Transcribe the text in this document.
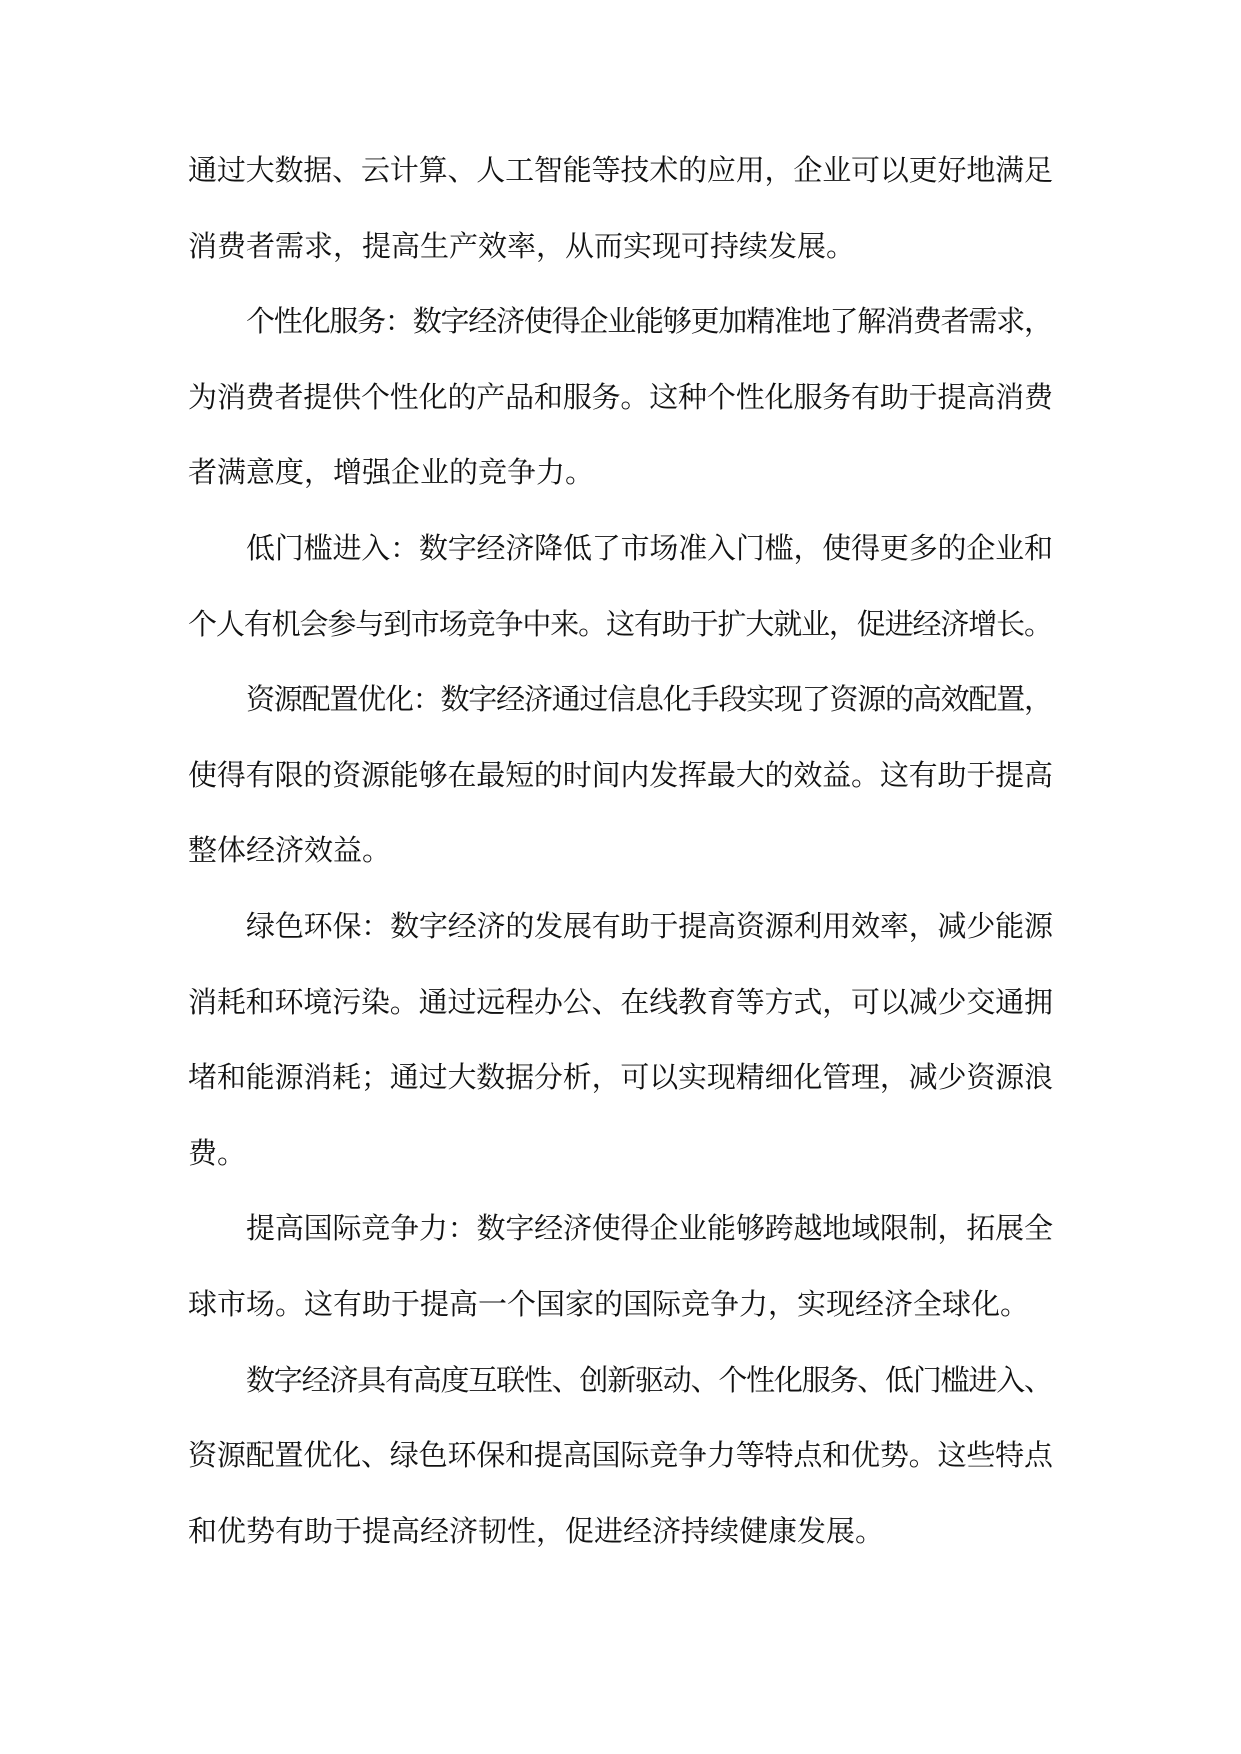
通过大数据、云计算、人工智能等技术的应用，企业可以更好地满足
消费者需求，提高生产效率，从而实现可持续发展。
个性化服务：数字经济使得企业能够更加精准地了解消费者需求，
为消费者提供个性化的产品和服务。这种个性化服务有助于提高消费
者满意度，增强企业的竞争力。
低门槛进入：数字经济降低了市场准入门槛，使得更多的企业和
个人有机会参与到市场竞争中来。这有助于扩大就业，促进经济增长。
资源配置优化：数字经济通过信息化手段实现了资源的高效配置，
使得有限的资源能够在最短的时间内发挥最大的效益。这有助于提高
整体经济效益。
绿色环保：数字经济的发展有助于提高资源利用效率，减少能源
消耗和环境污染。通过远程办公、在线教育等方式，可以减少交通拥
堵和能源消耗；通过大数据分析，可以实现精细化管理，减少资源浪
费。
提高国际竞争力：数字经济使得企业能够跨越地域限制，拓展全
球市场。这有助于提高一个国家的国际竞争力，实现经济全球化。
数字经济具有高度互联性、创新驱动、个性化服务、低门槛进入、
资源配置优化、绿色环保和提高国际竞争力等特点和优势。这些特点
和优势有助于提高经济韧性，促进经济持续健康发展。
